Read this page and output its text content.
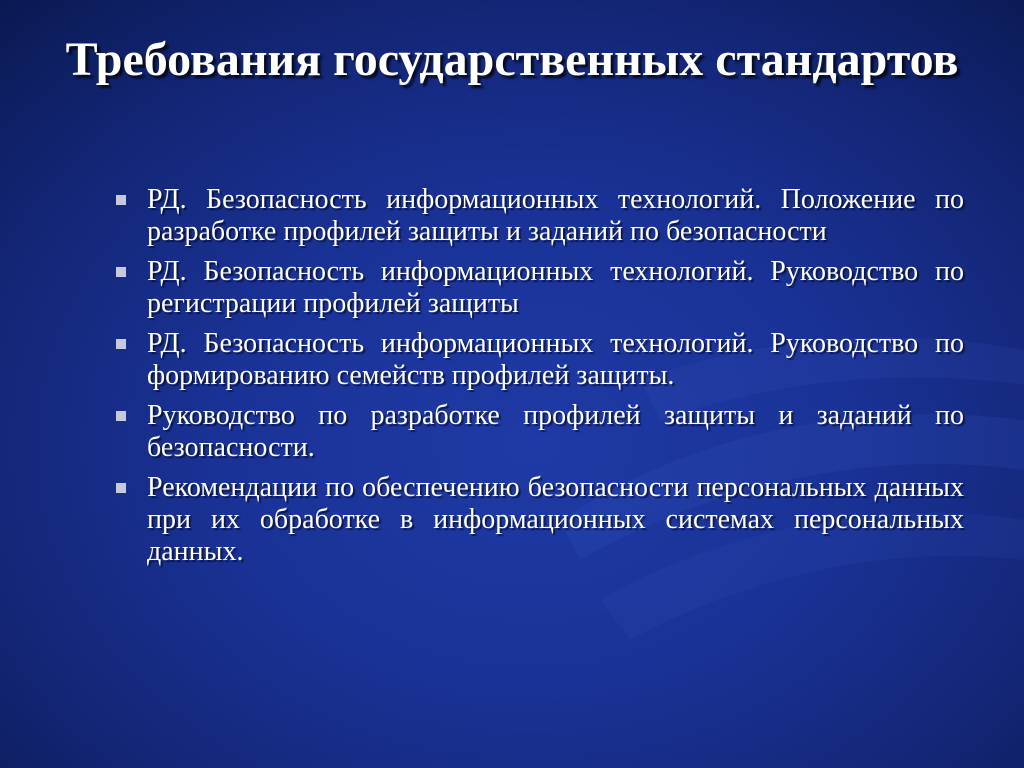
Требования государственных стандартов
РД. Безопасность информационных технологий. Положение по разработке профилей защиты и заданий по безопасности
РД. Безопасность информационных технологий. Руководство по регистрации профилей защиты
РД. Безопасность информационных технологий. Руководство по формированию семейств профилей защиты.
Руководство по разработке профилей защиты и заданий по безопасности.
Рекомендации по обеспечению безопасности персональных данных при их обработке в информационных системах персональных данных.
